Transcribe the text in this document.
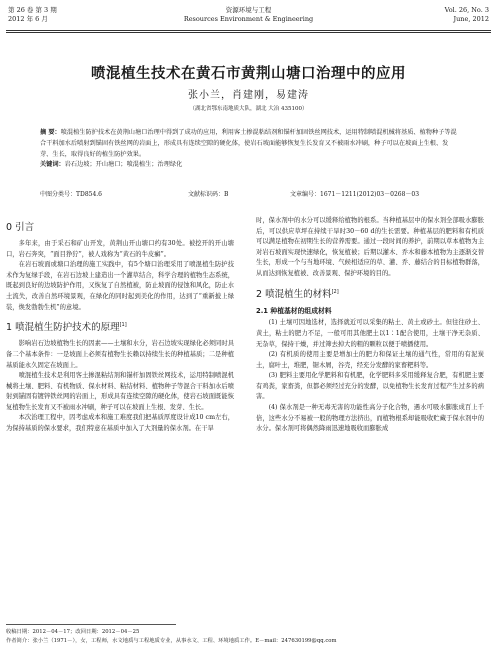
第 26 卷 第 3 期
2012 年 6 月
资源环境与工程
Resources Environment & Engineering
Vol. 26, No. 3
June, 2012
喷混植生技术在黄石市黄荆山塘口治理中的应用
张小兰，肖建刚，易建涛
（湖北省鄂东南地质大队，湖北 大冶 435100）
摘 要：喷混植生防护技术在黄荆山塘口治理中得到了成功的应用，利用客土掺混粘结剂和锚杆加固铁丝网技术，运用特制喷混机械将基质、植物种子等混合干料加水后喷射到锚固有铁丝网的岩面上，形成具有连续空隙的硬化体，使岩石坡面能够恢复生长发育又不被雨水冲刷，种子可以在坡面上生根、发芽、生长，取得良好的植生防护效果。
关键词：岩石边坡；开山塘口；喷混植生；治理绿化
中图分类号：TD854.6	文献标识码：B	文章编号：1671－1211(2012)03－0268－03
0 引言

多年来，由于采石和矿山开发，黄荆山开山塘口约有30处。被挖开的开山塘口，岩石奔突，“面目狰狞”，被人戏称为“黄石的牛皮癣”。

在岩石坡面或塘口治理的施工实践中，有5个塘口治理采用了喷混植生防护技术作为复绿手段，在岩石边坡上建造出一个灌草结合，科学合理的植物生态系统，既起到良好的边坡防护作用，又恢复了自然植被，防止坡面的侵蚀和风化，防止水土流失，改善自然环境景观，在绿化的同时起到美化的作用，达到了“重新披上绿装，焕发勃勃生机”的意境。

1 喷混植生防护技术的原理[1]

影响岩石边坡植物生长的因素——土壤和水分，岩石边坡实现绿化必须同时具备二个基本条件：一是坡面上必须有植物生长赖以持续生长的种植基质；二是种植基质能永久固定在坡面上。

喷混植生技术是利用客土掺混粘结剂和锚杆加固铁丝网技术，运用特制喷混机械将土壤、肥料、有机物质、保水材料、粘结材料、植物种子等混合干料加水后喷射到锚固有镀锌铁丝网的岩面上，形成具有连续空隙的硬化体，使岩石坡面既能恢复植物生长发育又不被雨水冲刷，种子可以在坡面上生根、发芽、生长。

本次治理工程中，因考虑成本和施工难度我们把基质厚度设计成10 cm左右，为保持基质的保水要求，我们特意在基质中加入了大剂量的保水剂。在干旱

时，保水剂中的水分可以缓释给植物的根系。当种植基层中的保水剂全部吸水膨胀后，可以供应草坪在持续干旱时30－60 d的生长需要。种植基层的肥料和有机质可以满足植物在初期生长的营养需要。通过一段时间的养护，前期以草本植物为主对岩石坡面实现快速绿化，恢复植被；后期以灌木、乔木和藤本植物为主逐渐交替生长，形成一个与当地环境、气候相适应的草、灌、乔、藤结合的目标植物群落，从而达到恢复植被、改善景观、保护环境的目的。

2 喷混植生的材料[2]
2.1 种植基材的组成材料

(1) 土壤可因地选材，选择就近可以采集的粘土、黄土或砂土。但往往砂土、黄土，粘土的肥力不足，一般可用其他肥土以1∶1配合使用，土壤干净无杂质、无杂草，保持干燥，并过筛去掉大的粗的颗粒以便于喷播使用。

(2) 有机质的使用主要是增加土的肥力和保证土壤的通气性，常用的有泥炭土，腐叶土，堆肥，锯木屑，谷壳，经充分发酵的家畜粑料等。

(3) 肥料主要用化学肥料和有机肥，化学肥料多采用缓释复合肥，有机肥主要有鸡粪，家畜粪，但都必须经过充分的发酵，以免植物生长发育过程产生过多的病害。

(4) 保水剂是一种无毒无害的功能性高分子化合物，遇水可吸水膨胀成百上千倍，这些水分不易被一般的物理方法挤出，而植物根系却能吸收贮藏于保水剂中的水分。保水剂可将偶然降雨迅速地吸收而膨胀成

收稿日期：2012－04－17；改回日期：2012－04－25
作者简介：张小兰（1971－），女，工程师，水文地质与工程地质专业，从事水文、工程、环境地质工作。E－mail：247630199@qq.com
